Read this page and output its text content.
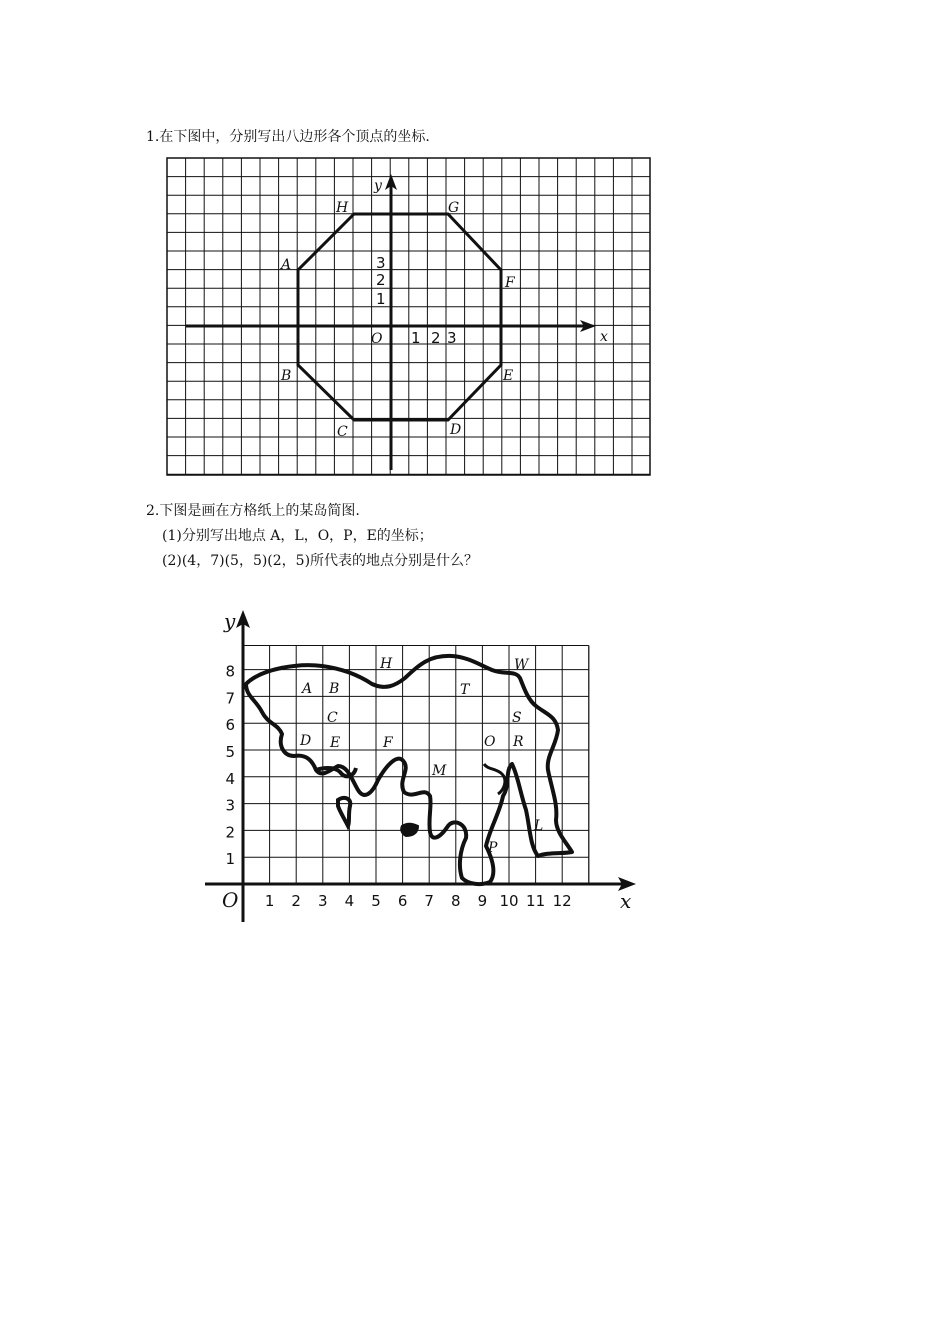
1.在下图中，分别写出八边形各个顶点的坐标.
x
y
O 1 2 3
1
2
3
A
B
C	D
E
F
G
H
2.下图是画在方格纸上的某岛简图.
(1)分别写出地点 A，L，O，P，E的坐标；
(2)(4，7)(5，5)(2，5)所代表的地点分别是什么？
y
x
O 1 2 3 4 5 6 7 8 9 10 11 12
1
2
3
4
5
6
7
8
A B
C
D E	F
H
T
W
S
R
O
M
L
P
